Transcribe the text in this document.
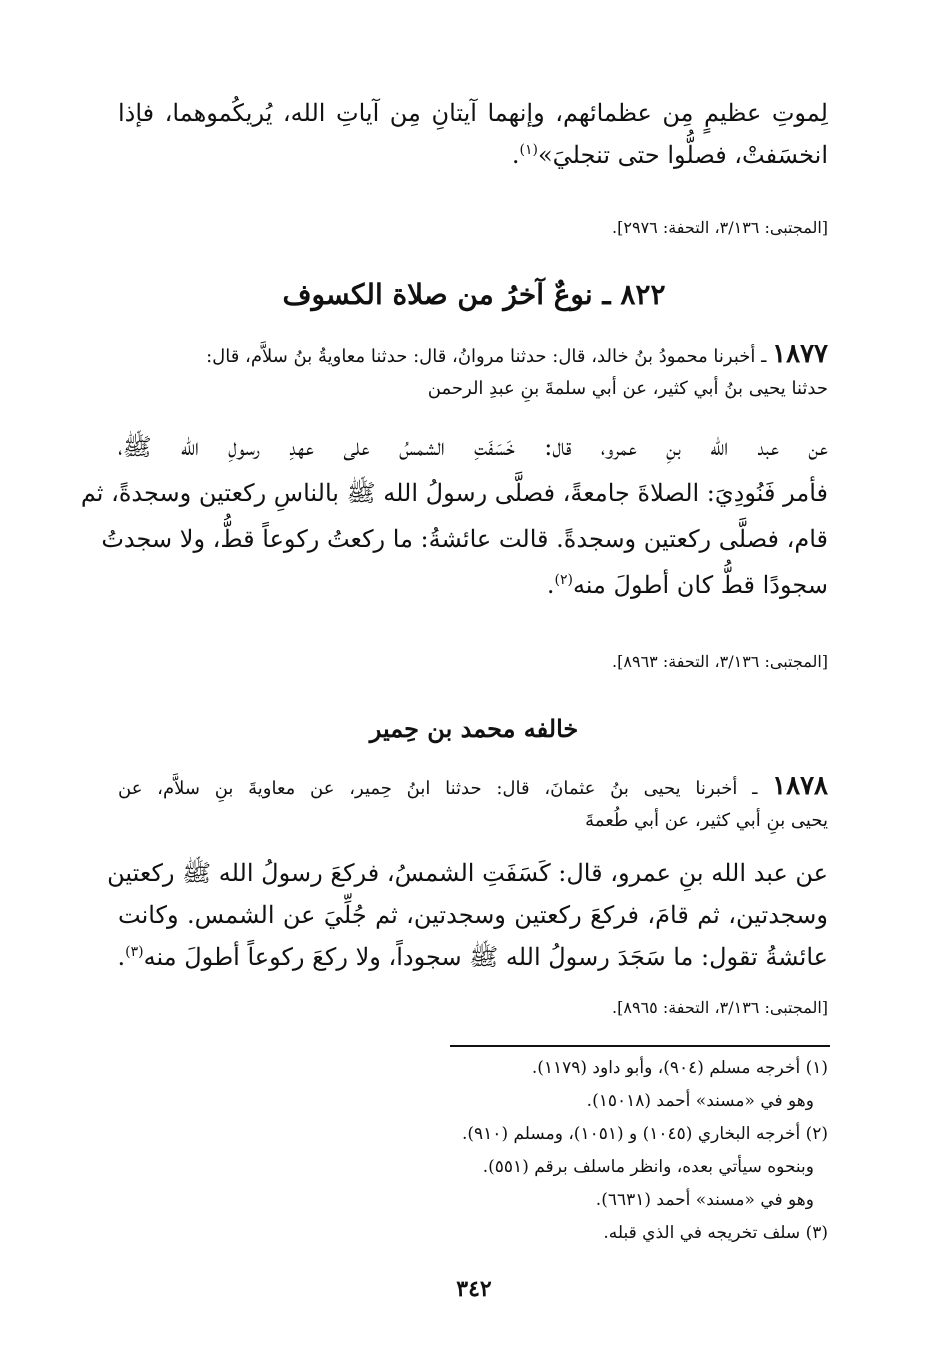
لِموتِ عظيمٍ مِن عظمائهم، وإنهما آيتانِ مِن آياتِ الله، يُريكُموهما، فإذا
انخسَفتْ، فصلُّوا حتى تنجليَ»$^{(١)}$.
[المجتبى: ٣/١٣٦، التحفة: ٢٩٧٦].
٨٢٢ ـ نوعٌ آخرُ من صلاة الكسوف
١٨٧٧ ـ أخبرنا محمودُ بنُ خالد، قال: حدثنا مروانُ، قال: حدثنا معاويةُ بنُ سلاَّم، قال:
حدثنا يحيى بنُ أبي كثير، عن أبي سلمةَ بنِ عبدِ الرحمن
عن عبد الله بنِ عمرو، قال: خَسَفَتِ الشمسُ على عهدِ رسولِ الله ﷺ،
فأمر فَنُودِيَ: الصلاةَ جامعةً، فصلَّى رسولُ الله ﷺ بالناسِ ركعتين وسجدةً، ثم
قام، فصلَّى ركعتين وسجدةً. قالت عائشةُ: ما ركعتُ ركوعاً قطُّ، ولا سجدتُ
سجودًا قطُّ كان أطولَ منه$^{(٢)}$.
[المجتبى: ٣/١٣٦، التحفة: ٨٩٦٣].
خالفه محمد بن حِمير
١٨٧٨ ـ أخبرنا يحيى بنُ عثمانَ، قال: حدثنا ابنُ حِمير، عن معاويةَ بنِ سلاَّم، عن
يحيى بنِ أبي كثير، عن أبي طُعمةَ
عن عبد الله بنِ عمرو، قال: كَسَفَتِ الشمسُ، فركعَ رسولُ الله ﷺ ركعتين
وسجدتين، ثم قامَ، فركعَ ركعتين وسجدتين، ثم جُلِّيَ عن الشمس. وكانت
عائشةُ تقول: ما سَجَدَ رسولُ الله ﷺ سجوداً، ولا ركعَ ركوعاً أطولَ منه$^{(٣)}$.
[المجتبى: ٣/١٣٦، التحفة: ٨٩٦٥].
(١) أخرجه مسلم (٩٠٤)، وأبو داود (١١٧٩).
وهو في «مسند» أحمد (١٥٠١٨).
(٢) أخرجه البخاري (١٠٤٥) و (١٠٥١)، ومسلم (٩١٠).
وبنحوه سيأتي بعده، وانظر ماسلف برقم (٥٥١).
وهو في «مسند» أحمد (٦٦٣١).
(٣) سلف تخريجه في الذي قبله.
٣٤٢
